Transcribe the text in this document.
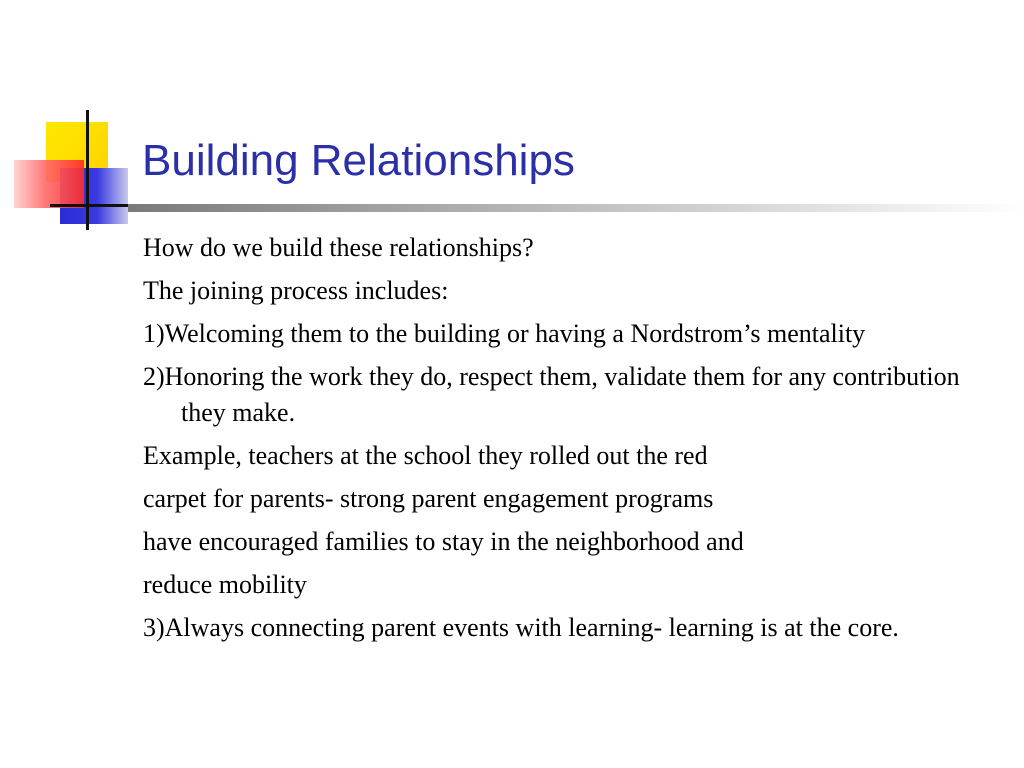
Building Relationships

How do we build these relationships?

The joining process includes:

1)Welcoming them to the building or having a Nordstrom’s mentality

2)Honoring the work they do, respect them, validate them for any contribution they make.

Example, teachers at the school they rolled out the red

carpet for parents- strong parent engagement programs

have encouraged families to stay in the neighborhood and

reduce mobility

3)Always connecting parent events with learning- learning is at the core.
